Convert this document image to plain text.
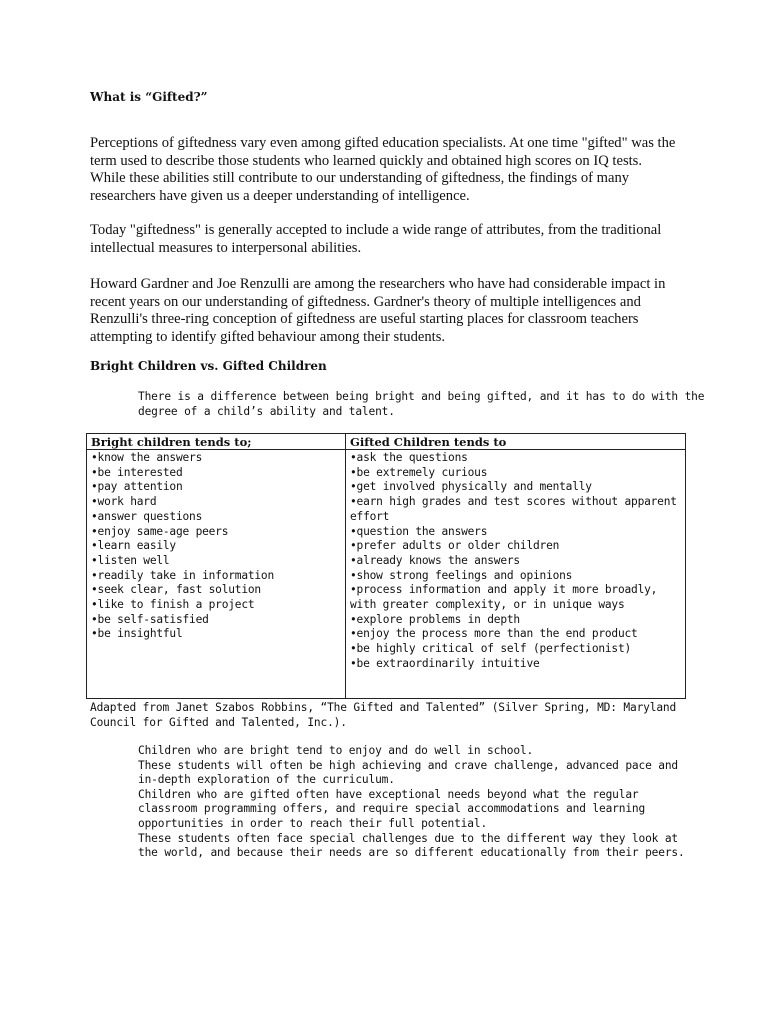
What is “Gifted?”

Perceptions of giftedness vary even among gifted education specialists. At one time "gifted" was the term used to describe those students who learned quickly and obtained high scores on IQ tests. While these abilities still contribute to our understanding of giftedness, the findings of many researchers have given us a deeper understanding of intelligence.

Today "giftedness" is generally accepted to include a wide range of attributes, from the traditional intellectual measures to interpersonal abilities.

Howard Gardner and Joe Renzulli are among the researchers who have had considerable impact in recent years on our understanding of giftedness. Gardner's theory of multiple intelligences and Renzulli's three-ring conception of giftedness are useful starting places for classroom teachers attempting to identify gifted behaviour among their students.

Bright Children vs. Gifted Children

There is a difference between being bright and being gifted, and it has to do with the degree of a child’s ability and talent.

Bright children tends to;
• know the answers
• be interested
• pay attention
• work hard
• answer questions
• enjoy same-age peers
• learn easily
• listen well
• readily take in information
• seek clear, fast solution
• like to finish a project
• be self-satisfied
• be insightful
Gifted Children tends to
• ask the questions
• be extremely curious
• get involved physically and mentally
• earn high grades and test scores without apparent effort
• question the answers
• prefer adults or older children
• already knows the answers
• show strong feelings and opinions
• process information and apply it more broadly, with greater complexity, or in unique ways
• explore problems in depth
• enjoy the process more than the end product
• be highly critical of self (perfectionist)
• be extraordinarily intuitive

Adapted from Janet Szabos Robbins, “The Gifted and Talented” (Silver Spring, MD: Maryland Council for Gifted and Talented, Inc.).

Children who are bright tend to enjoy and do well in school.
These students will often be high achieving and crave challenge, advanced pace and in-depth exploration of the curriculum.
Children who are gifted often have exceptional needs beyond what the regular classroom programming offers, and require special accommodations and learning opportunities in order to reach their full potential.
These students often face special challenges due to the different way they look at the world, and because their needs are so different educationally from their peers.
